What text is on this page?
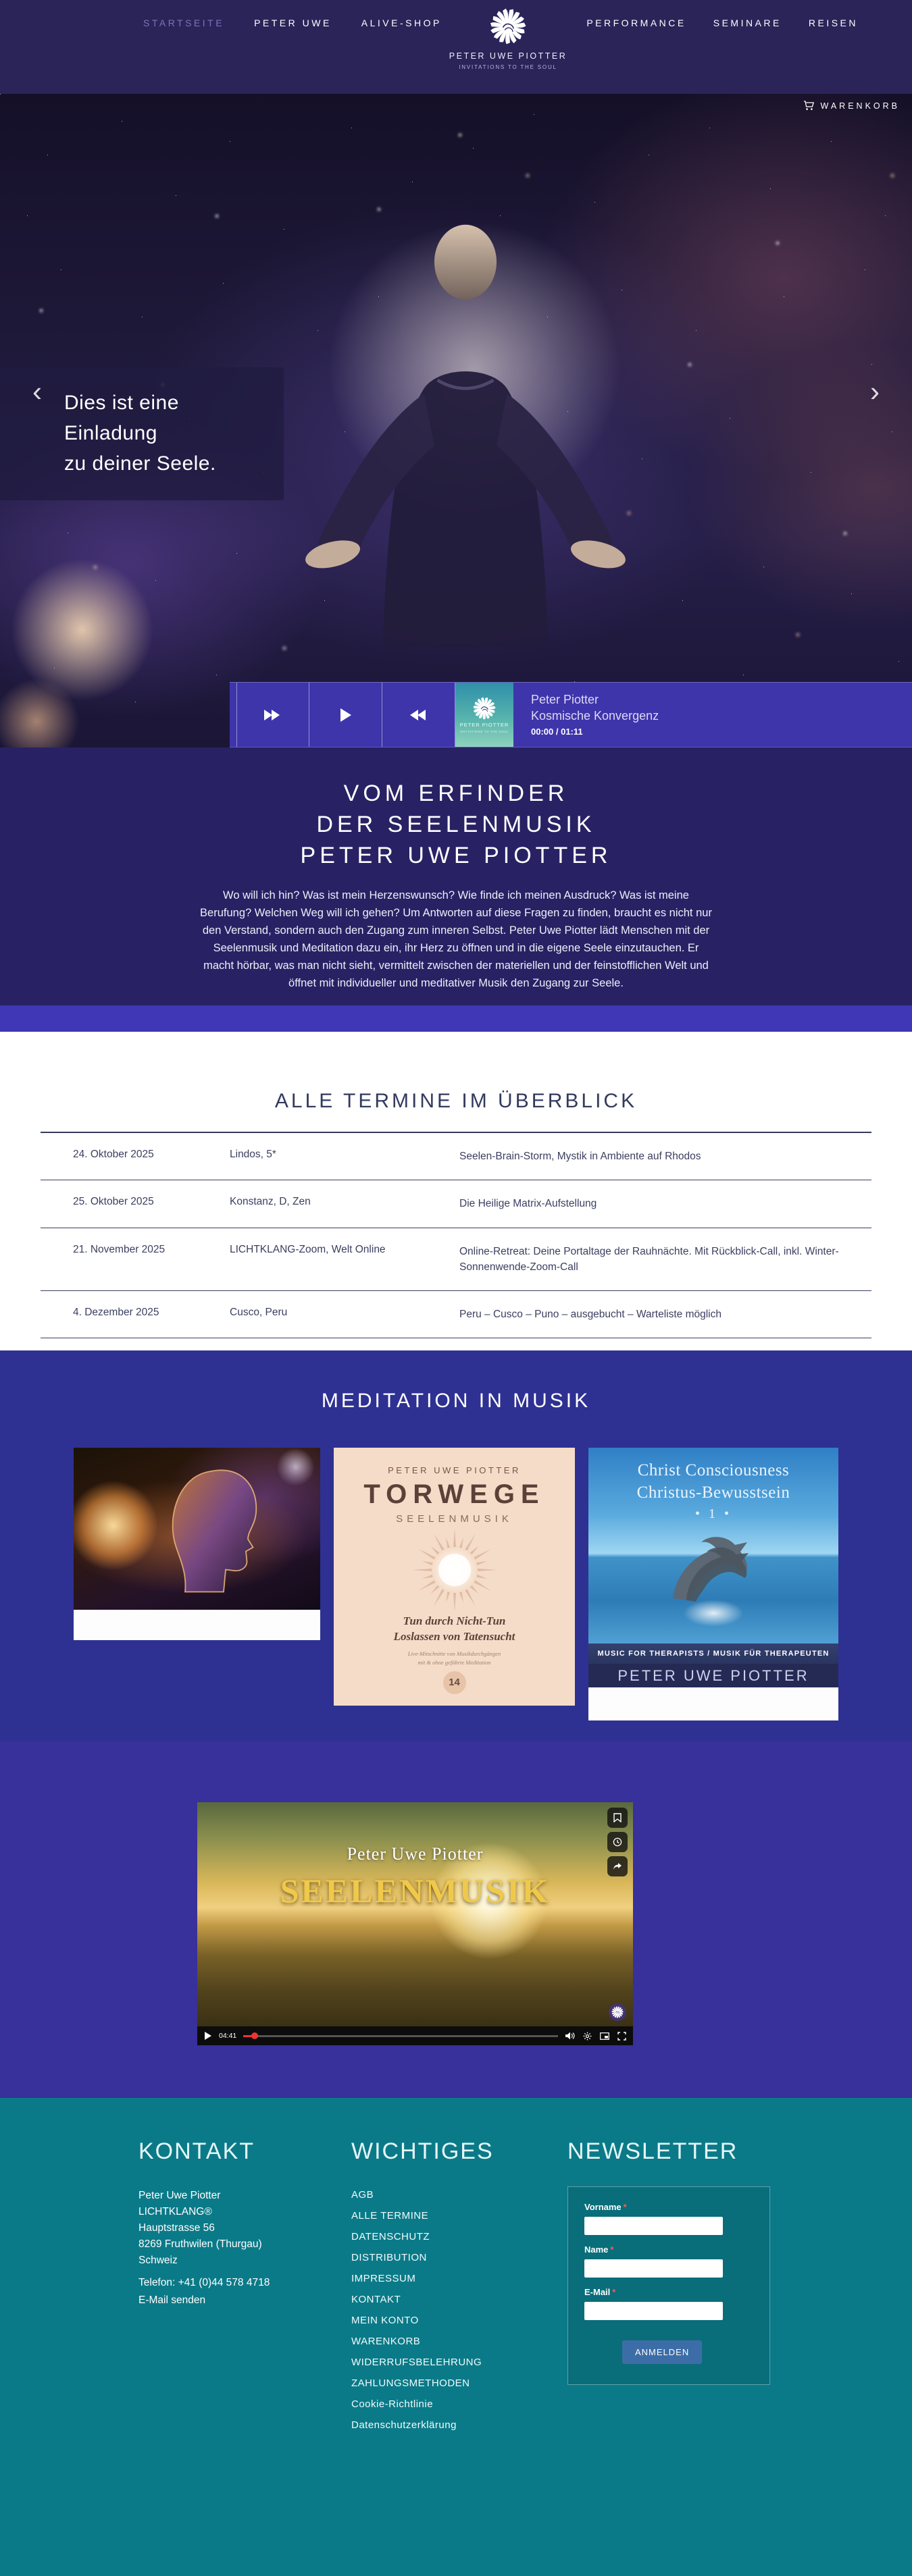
STARTSEITE	PETER UWE	ALIVE-SHOP
PETER UWE PIOTTER
INVITATIONS TO THE SOUL
PERFORMANCE	SEMINARE	REISEN
WARENKORB
Dies ist eine Einladung
zu deiner Seele.
‹	›
PETER PIOTTER
INVITATIONS TO THE SOUL
Peter Piotter
Kosmische Konvergenz
00:00 / 01:11
VOM ERFINDER
DER SEELENMUSIK
PETER UWE PIOTTER

Wo will ich hin? Was ist mein Herzenswunsch? Wie finde ich meinen Ausdruck? Was ist meine Berufung? Welchen Weg will ich gehen? Um Antworten auf diese Fragen zu finden, braucht es nicht nur den Verstand, sondern auch den Zugang zum inneren Selbst. Peter Uwe Piotter lädt Menschen mit der Seelenmusik und Meditation dazu ein, ihr Herz zu öffnen und in die eigene Seele einzutauchen. Er macht hörbar, was man nicht sieht, vermittelt zwischen der materiellen und der feinstofflichen Welt und öffnet mit individueller und meditativer Musik den Zugang zur Seele.

ALLE TERMINE IM ÜBERBLICK
24. Oktober 2025	Lindos, 5*	Seelen-Brain-Storm, Mystik in Ambiente auf Rhodos
25. Oktober 2025	Konstanz, D, Zen	Die Heilige Matrix-Aufstellung
21. November 2025	LICHTKLANG-Zoom, Welt Online	Online-Retreat: Deine Portaltage der Rauhnächte. Mit Rückblick-Call, inkl. Winter-Sonnenwende-Zoom-Call
4. Dezember 2025	Cusco, Peru	Peru – Cusco – Puno – ausgebucht – Warteliste möglich
MEDITATION IN MUSIK
PETER UWE PIOTTER
TORWEGE
SEELENMUSIK
Tun durch Nicht-Tun
Loslassen von Tatensucht
Live-Mitschnitte von Musikdurchgängen
mit & ohne geführte Meditation
14
Christ Consciousness
Christus-Bewusstsein
• 1 •
MUSIC FOR THERAPISTS / MUSIK FÜR THERAPEUTEN
PETER UWE PIOTTER
Peter Uwe Piotter
SEELENMUSIK
04:41
KONTAKT
Peter Uwe Piotter
LICHTKLANG®
Hauptstrasse 56
8269 Fruthwilen (Thurgau)
Schweiz
Telefon: +41 (0)44 578 4718
E-Mail senden
WICHTIGES
AGB
ALLE TERMINE
DATENSCHUTZ
DISTRIBUTION
IMPRESSUM
KONTAKT
MEIN KONTO
WARENKORB
WIDERRUFSBELEHRUNG
ZAHLUNGSMETHODEN
Cookie-Richtlinie
Datenschutzerklärung
NEWSLETTER
Vorname *
Name *
E-Mail *
ANMELDEN
